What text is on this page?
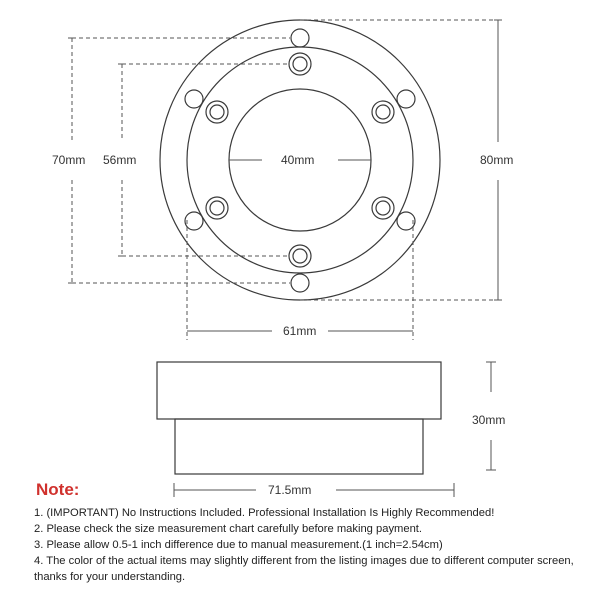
70mm 56mm	40mm	80mm
61mm
30mm
71.5mm
Note:
1. (IMPORTANT) No Instructions Included. Professional Installation Is Highly Recommended!
2. Please check the size measurement chart carefully before making payment.
3. Please allow 0.5-1 inch difference due to manual measurement.(1 inch=2.54cm)
4. The color of the actual items may slightly different from the listing images due to different computer screen, thanks for your understanding.
